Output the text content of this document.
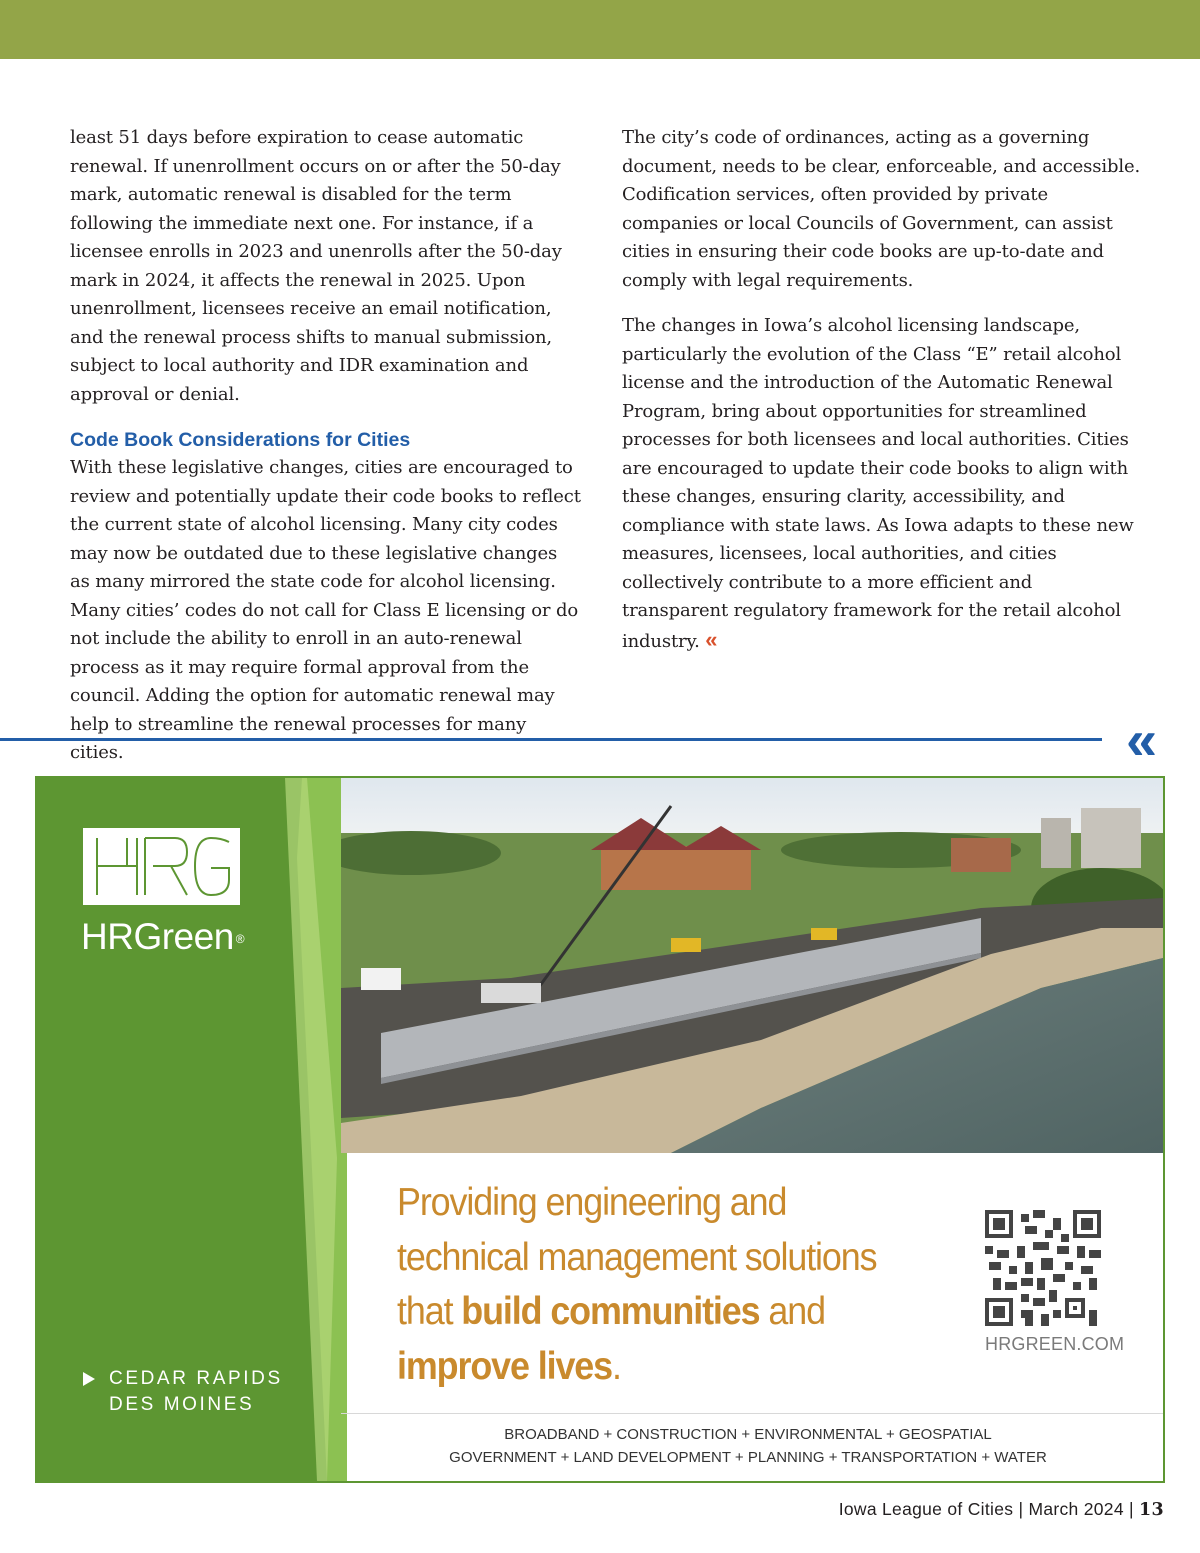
least 51 days before expiration to cease automatic renewal. If unenrollment occurs on or after the 50-day mark, automatic renewal is disabled for the term following the immediate next one. For instance, if a licensee enrolls in 2023 and unenrolls after the 50-day mark in 2024, it affects the renewal in 2025. Upon unenrollment, licensees receive an email notification, and the renewal process shifts to manual submission, subject to local authority and IDR examination and approval or denial.

Code Book Considerations for Cities

With these legislative changes, cities are encouraged to review and potentially update their code books to reflect the current state of alcohol licensing. Many city codes may now be outdated due to these legislative changes as many mirrored the state code for alcohol licensing. Many cities’ codes do not call for Class E licensing or do not include the ability to enroll in an auto-renewal process as it may require formal approval from the council. Adding the option for automatic renewal may help to streamline the renewal processes for many cities.

The city’s code of ordinances, acting as a governing document, needs to be clear, enforceable, and accessible. Codification services, often provided by private companies or local Councils of Government, can assist cities in ensuring their code books are up-to-date and comply with legal requirements.

The changes in Iowa’s alcohol licensing landscape, particularly the evolution of the Class “E” retail alcohol license and the introduction of the Automatic Renewal Program, bring about opportunities for streamlined processes for both licensees and local authorities. Cities are encouraged to update their code books to align with these changes, ensuring clarity, accessibility, and compliance with state laws. As Iowa adapts to these new measures, licensees, local authorities, and cities collectively contribute to a more efficient and transparent regulatory framework for the retail alcohol industry. «

«
HRGreen ®
CEDAR RAPIDS
DES MOINES
Providing engineering and
technical management solutions
that build communities and
improve lives.
HRGREEN.COM
BROADBAND + CONSTRUCTION + ENVIRONMENTAL + GEOSPATIAL
GOVERNMENT + LAND DEVELOPMENT + PLANNING + TRANSPORTATION + WATER
Iowa League of Cities | March 2024 | 13
